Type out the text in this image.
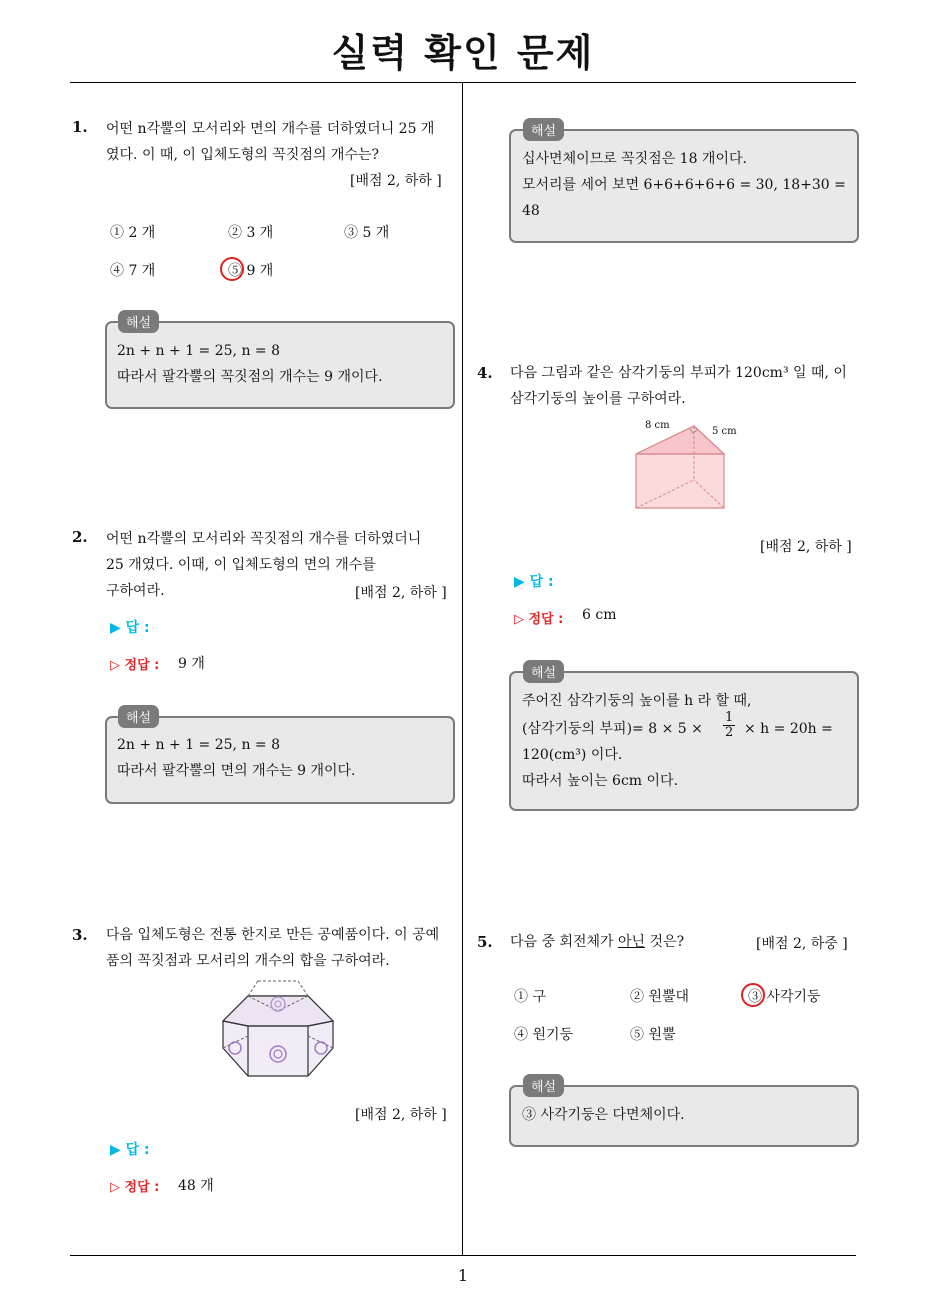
실력 확인 문제
1. 어떤 n각뿔의 모서리와 면의 개수를 더하였더니 25 개였다. 이 때, 이 입체도형의 꼭짓점의 개수는?
[배점 2, 하하 ]
① 2 개	② 3 개	③ 5 개
④ 7 개	⑤ 9 개
해설
2n + n + 1 = 25, n = 8
따라서 팔각뿔의 꼭짓점의 개수는 9 개이다.
2. 어떤 n각뿔의 모서리와 꼭짓점의 개수를 더하였더니
25 개였다. 이때, 이 입체도형의 면의 개수를
구하여라.	[배점 2, 하하 ]
▶ 답 :
▷ 정답 : 9 개
해설
2n + n + 1 = 25, n = 8
따라서 팔각뿔의 면의 개수는 9 개이다.
3. 다음 입체도형은 전통 한지로 만든 공예품이다. 이 공예품의 꼭짓점과 모서리의 개수의 합을 구하여라.
[배점 2, 하하 ]
▶ 답 :
▷ 정답 : 48 개
해설
십사면체이므로 꼭짓점은 18 개이다.
모서리를 세어 보면 6+6+6+6+6 = 30, 18+30 =
48
4. 다음 그림과 같은 삼각기둥의 부피가 120cm³ 일 때, 이 삼각기둥의 높이를 구하여라.
8 cm
5 cm
[배점 2, 하하 ]
▶ 답 :
▷ 정답 : 6 cm
해설
주어진 삼각기둥의 높이를 h 라 할 때,
(삼각기둥의 부피)= $8 \times 5 \times \frac{1}{2} \times h = 20h$ =
120(cm³) 이다.
따라서 높이는 6cm 이다.
5. 다음 중 회전체가 아닌 것은?	[배점 2, 하중 ]
① 구	② 원뿔대	③ 사각기둥
④ 원기둥	⑤ 원뿔
해설
③ 사각기둥은 다면체이다.
1
